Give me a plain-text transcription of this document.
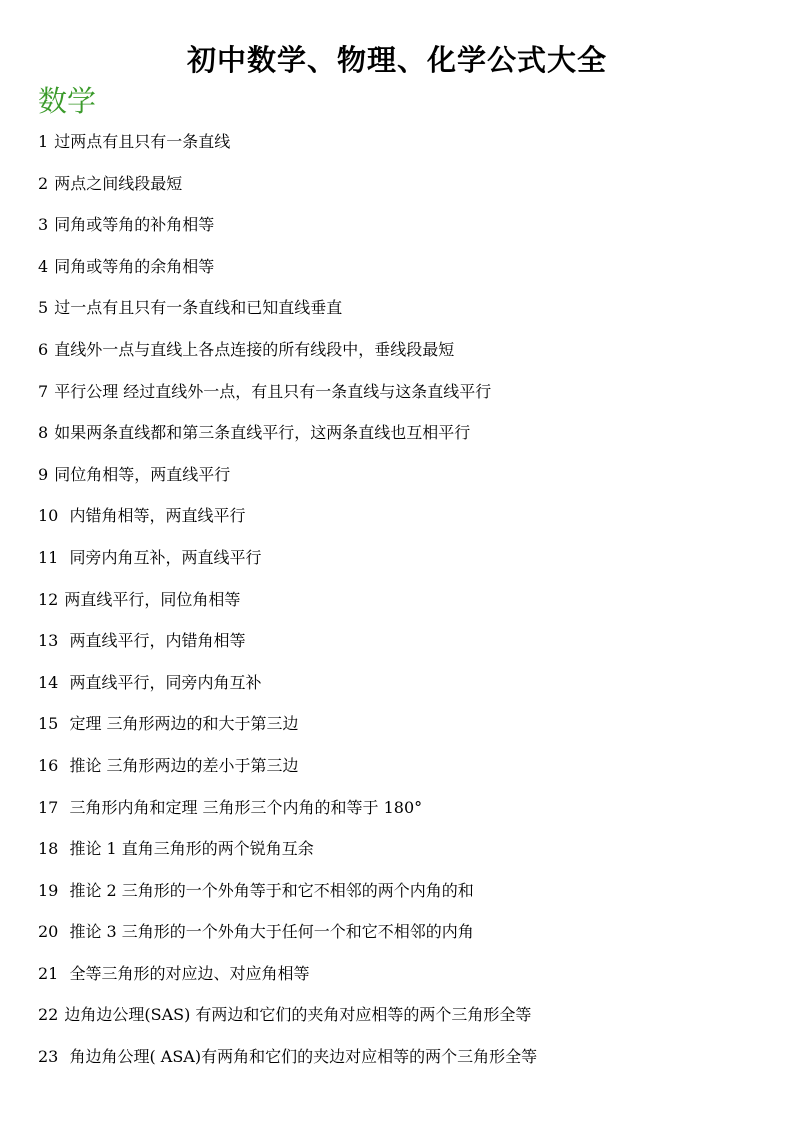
初中数学、物理、化学公式大全
数学
1 过两点有且只有一条直线
2 两点之间线段最短
3 同角或等角的补角相等
4 同角或等角的余角相等
5 过一点有且只有一条直线和已知直线垂直
6 直线外一点与直线上各点连接的所有线段中，垂线段最短
7 平行公理 经过直线外一点，有且只有一条直线与这条直线平行
8 如果两条直线都和第三条直线平行，这两条直线也互相平行
9 同位角相等，两直线平行
10 内错角相等，两直线平行
11 同旁内角互补，两直线平行
12 两直线平行，同位角相等
13 两直线平行，内错角相等
14 两直线平行，同旁内角互补
15 定理 三角形两边的和大于第三边
16 推论 三角形两边的差小于第三边
17 三角形内角和定理 三角形三个内角的和等于 180°
18 推论 1 直角三角形的两个锐角互余
19 推论 2 三角形的一个外角等于和它不相邻的两个内角的和
20 推论 3 三角形的一个外角大于任何一个和它不相邻的内角
21 全等三角形的对应边、对应角相等
22 边角边公理(SAS) 有两边和它们的夹角对应相等的两个三角形全等
23 角边角公理( ASA)有两角和它们的夹边对应相等的两个三角形全等
